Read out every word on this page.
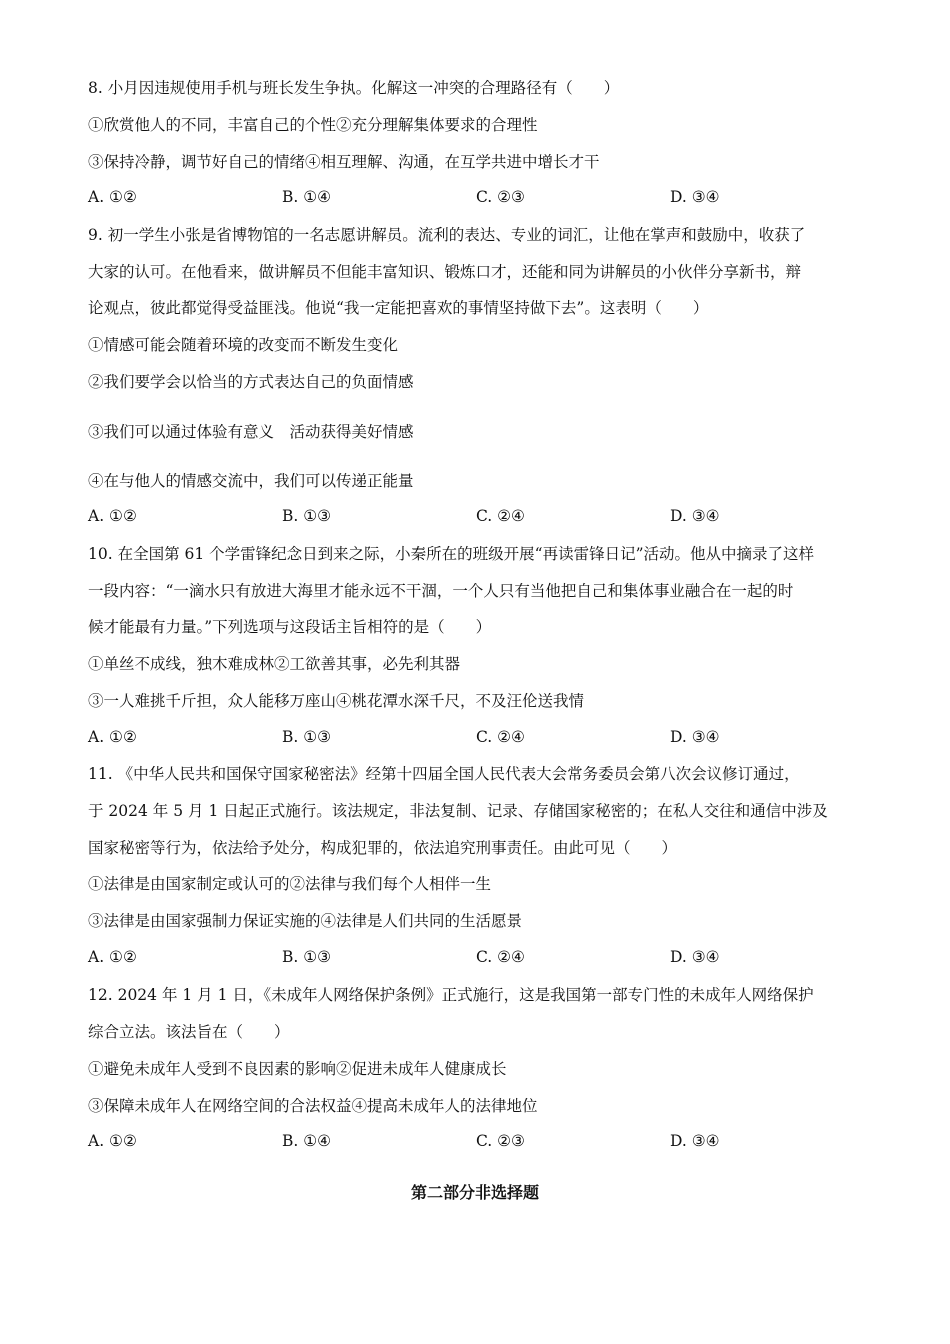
8. 小月因违规使用手机与班长发生争执。化解这一冲突的合理路径有（　　）
①欣赏他人的不同，丰富自己的个性②充分理解集体要求的合理性
③保持冷静，调节好自己的情绪④相互理解、沟通，在互学共进中增长才干
A. ①②	B. ①④	C. ②③	D. ③④
9. 初一学生小张是省博物馆的一名志愿讲解员。流利的表达、专业的词汇，让他在掌声和鼓励中，收获了
大家的认可。在他看来，做讲解员不但能丰富知识、锻炼口才，还能和同为讲解员的小伙伴分享新书，辩
论观点，彼此都觉得受益匪浅。他说“我一定能把喜欢的事情坚持做下去”。这表明（　　）
①情感可能会随着环境的改变而不断发生变化
②我们要学会以恰当的方式表达自己的负面情感
③我们可以通过体验有意义　活动获得美好情感
④在与他人的情感交流中，我们可以传递正能量
A. ①②	B. ①③	C. ②④	D. ③④
10. 在全国第 61 个学雷锋纪念日到来之际，小秦所在的班级开展“再读雷锋日记”活动。他从中摘录了这样
一段内容：“一滴水只有放进大海里才能永远不干涸，一个人只有当他把自己和集体事业融合在一起的时
候才能最有力量。”下列选项与这段话主旨相符的是（　　）
①单丝不成线，独木难成林②工欲善其事，必先利其器
③一人难挑千斤担，众人能移万座山④桃花潭水深千尺，不及汪伦送我情
A. ①②	B. ①③	C. ②④	D. ③④
11. 《中华人民共和国保守国家秘密法》经第十四届全国人民代表大会常务委员会第八次会议修订通过，
于 2024 年 5 月 1 日起正式施行。该法规定，非法复制、记录、存储国家秘密的；在私人交往和通信中涉及
国家秘密等行为，依法给予处分，构成犯罪的，依法追究刑事责任。由此可见（　　）
①法律是由国家制定或认可的②法律与我们每个人相伴一生
③法律是由国家强制力保证实施的④法律是人们共同的生活愿景
A. ①②	B. ①③	C. ②④	D. ③④
12. 2024 年 1 月 1 日，《未成年人网络保护条例》正式施行，这是我国第一部专门性的未成年人网络保护
综合立法。该法旨在（　　）
①避免未成年人受到不良因素的影响②促进未成年人健康成长
③保障未成年人在网络空间的合法权益④提高未成年人的法律地位
A. ①②	B. ①④	C. ②③	D. ③④
第二部分非选择题
